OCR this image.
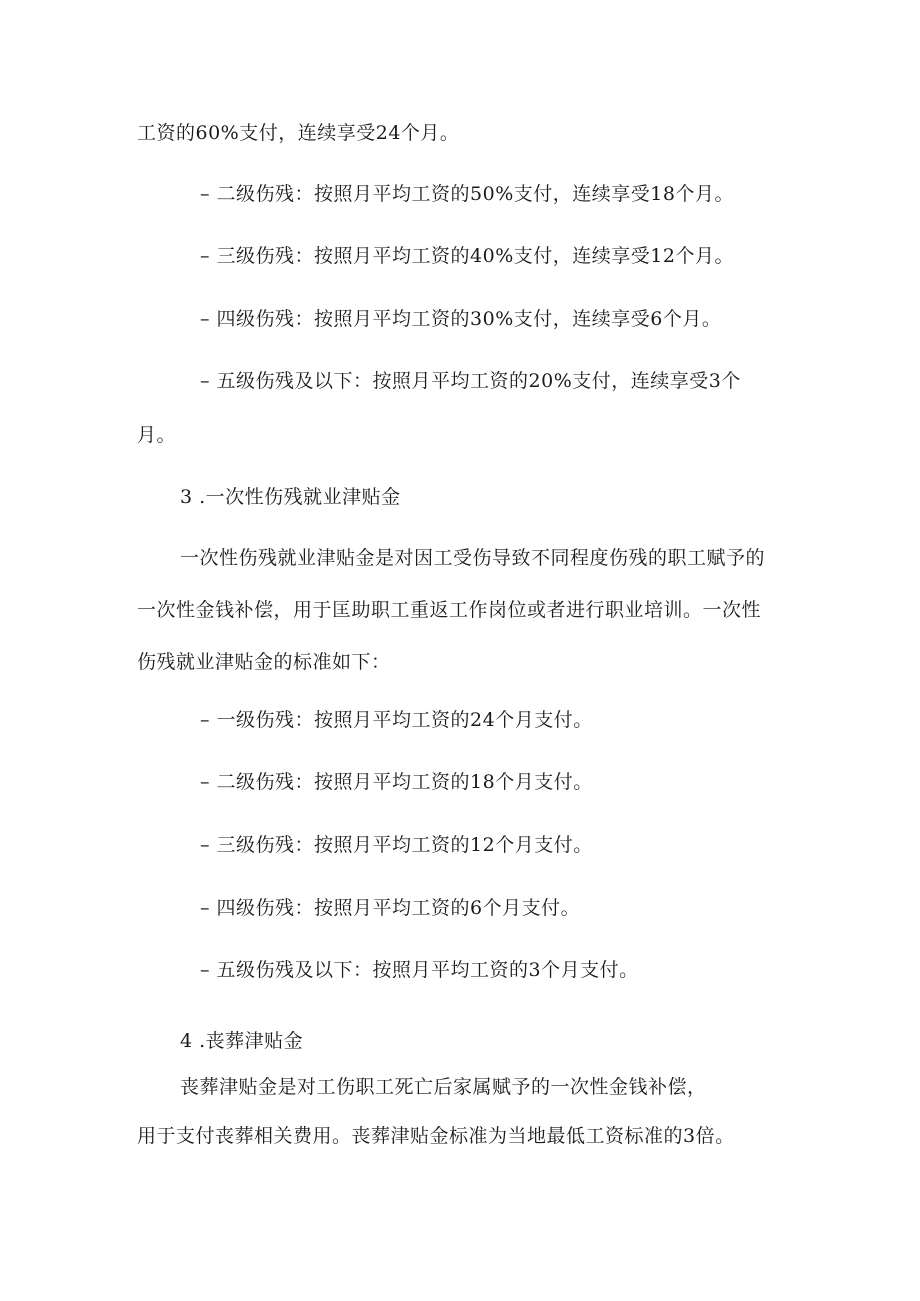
工资的60%支付，连续享受24个月。
– 二级伤残：按照月平均工资的50%支付，连续享受18个月。
– 三级伤残：按照月平均工资的40%支付，连续享受12个月。
– 四级伤残：按照月平均工资的30%支付，连续享受6个月。
– 五级伤残及以下：按照月平均工资的20%支付，连续享受3个
月。
3 .一次性伤残就业津贴金
一次性伤残就业津贴金是对因工受伤导致不同程度伤残的职工赋予的
一次性金钱补偿，用于匡助职工重返工作岗位或者进行职业培训。一次性
伤残就业津贴金的标准如下：
– 一级伤残：按照月平均工资的24个月支付。
– 二级伤残：按照月平均工资的18个月支付。
– 三级伤残：按照月平均工资的12个月支付。
– 四级伤残：按照月平均工资的6个月支付。
– 五级伤残及以下：按照月平均工资的3个月支付。
4 .丧葬津贴金
丧葬津贴金是对工伤职工死亡后家属赋予的一次性金钱补偿，
用于支付丧葬相关费用。丧葬津贴金标准为当地最低工资标准的3倍。
